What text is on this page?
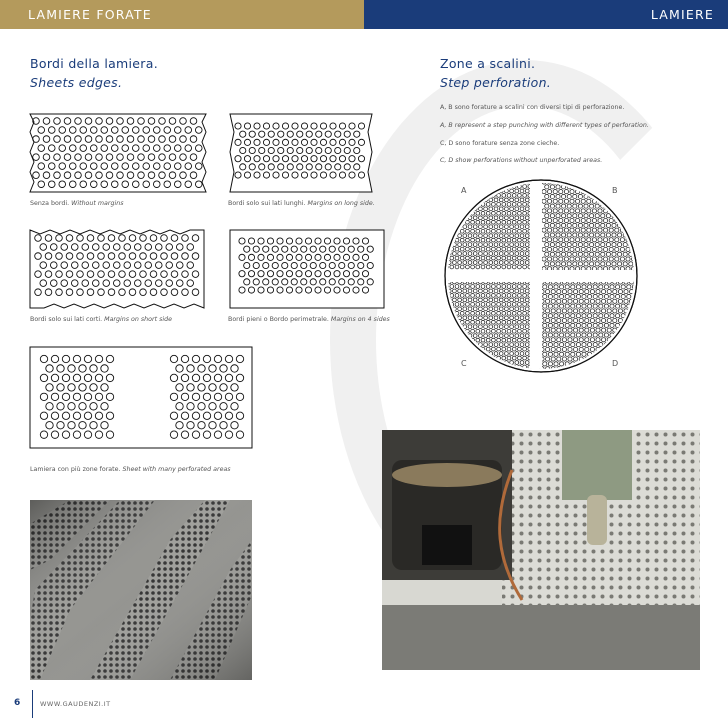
LAMIERE FORATE	LAMIERE
Bordi della lamiera.
Sheets edges.
Zone a scalini.
Step perforation.
A, B sono forature a scalini con diversi tipi di perforazione.
A, B represent a step punching with different types of perforation.
C, D sono forature senza zone cieche.
C, D show perforations without unperforated areas.
Senza bordi. Without margins	Bordi solo sui lati lunghi. Margins on long side.
Bordi solo sui lati corti. Margins on short side	Bordi pieni o Bordo perimetrale. Margins on 4 sides
Lamiera con più zone forate. Sheet with many perforated areas
A	B
C	D
6	WWW.GAUDENZI.IT
